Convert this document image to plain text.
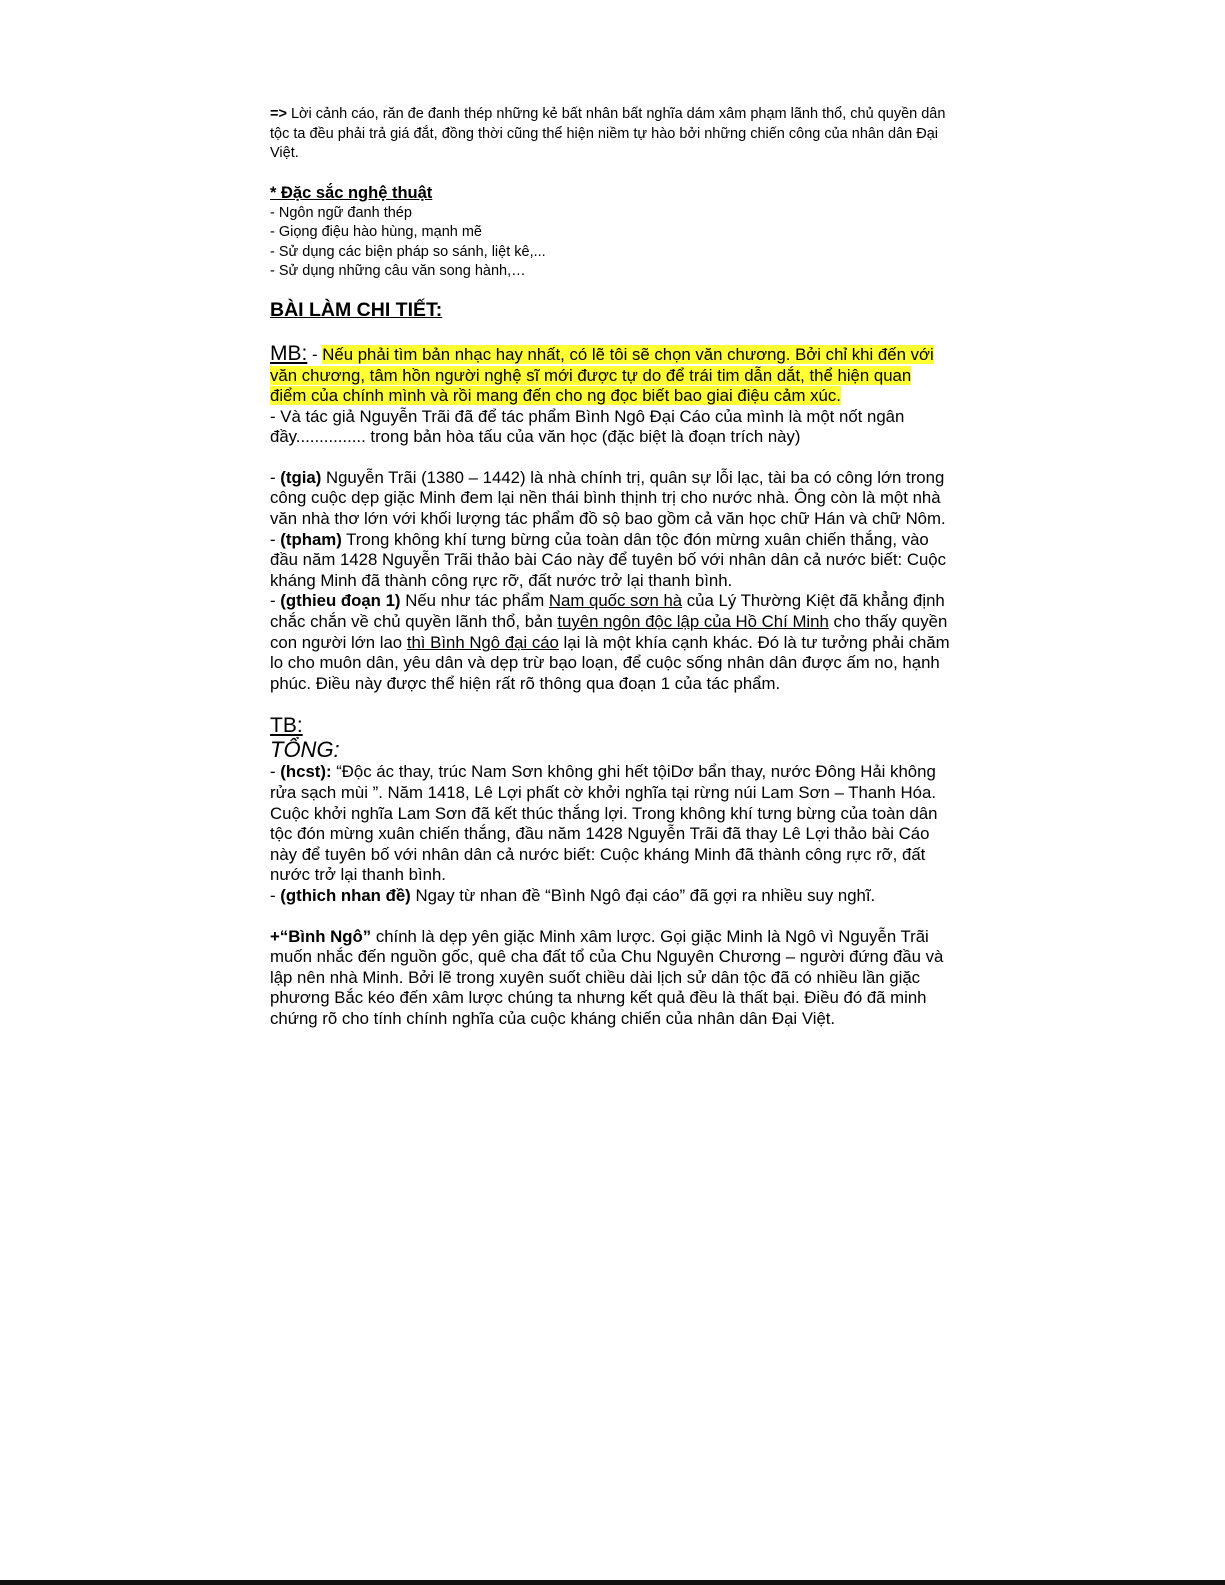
=> Lời cảnh cáo, răn đe đanh thép những kẻ bất nhân bất nghĩa dám xâm phạm lãnh thổ, chủ quyền dân tộc ta đều phải trả giá đắt, đồng thời cũng thể hiện niềm tự hào bởi những chiến công của nhân dân Đại Việt.

* Đặc sắc nghệ thuật

- Ngôn ngữ đanh thép

- Giọng điệu hào hùng, mạnh mẽ

- Sử dụng các biện pháp so sánh, liệt kê,...

- Sử dụng những câu văn song hành,…

BÀI LÀM CHI TIẾT:

MB: - Nếu phải tìm bản nhạc hay nhất, có lẽ tôi sẽ chọn văn chương. Bởi chỉ khi đến với văn chương, tâm hồn người nghệ sĩ mới được tự do để trái tim dẫn dắt, thể hiện quan điểm của chính mình và rồi mang đến cho ng đọc biết bao giai điệu cảm xúc.

- Và tác giả Nguyễn Trãi đã để tác phẩm Bình Ngô Đại Cáo của mình là một nốt ngân đầy............... trong bản hòa tấu của văn học (đặc biệt là đoạn trích này)

- (tgia) Nguyễn Trãi (1380 – 1442) là nhà chính trị, quân sự lỗi lạc, tài ba có công lớn trong công cuộc dẹp giặc Minh đem lại nền thái bình thịnh trị cho nước nhà. Ông còn là một nhà văn nhà thơ lớn với khối lượng tác phẩm đồ sộ bao gồm cả văn học chữ Hán và chữ Nôm.

- (tpham) Trong không khí tưng bừng của toàn dân tộc đón mừng xuân chiến thắng, vào đầu năm 1428 Nguyễn Trãi thảo bài Cáo này để tuyên bố với nhân dân cả nước biết: Cuộc kháng Minh đã thành công rực rỡ, đất nước trở lại thanh bình.

- (gthieu đoạn 1) Nếu như tác phẩm Nam quốc sơn hà của Lý Thường Kiệt đã khẳng định chắc chắn về chủ quyền lãnh thổ, bản tuyên ngôn độc lập của Hồ Chí Minh cho thấy quyền con người lớn lao thì Bình Ngô đại cáo lại là một khía cạnh khác. Đó là tư tưởng phải chăm lo cho muôn dân, yêu dân và dẹp trừ bạo loạn, để cuộc sống nhân dân được ấm no, hạnh phúc. Điều này được thể hiện rất rõ thông qua đoạn 1 của tác phẩm.

TB:

TỔNG:

- (hcst): “Độc ác thay, trúc Nam Sơn không ghi hết tộiDơ bẩn thay, nước Đông Hải không rửa sạch mùi ”. Năm 1418, Lê Lợi phất cờ khởi nghĩa tại rừng núi Lam Sơn – Thanh Hóa. Cuộc khởi nghĩa Lam Sơn đã kết thúc thắng lợi. Trong không khí tưng bừng của toàn dân tộc đón mừng xuân chiến thắng, đầu năm 1428 Nguyễn Trãi đã thay Lê Lợi thảo bài Cáo này để tuyên bố với nhân dân cả nước biết: Cuộc kháng Minh đã thành công rực rỡ, đất nước trở lại thanh bình.

- (gthich nhan đề) Ngay từ nhan đề “Bình Ngô đại cáo” đã gợi ra nhiều suy nghĩ.

+“Bình Ngô” chính là dẹp yên giặc Minh xâm lược. Gọi giặc Minh là Ngô vì Nguyễn Trãi muốn nhắc đến nguồn gốc, quê cha đất tổ của Chu Nguyên Chương – người đứng đầu và lập nên nhà Minh. Bởi lẽ trong xuyên suốt chiều dài lịch sử dân tộc đã có nhiều lần giặc phương Bắc kéo đến xâm lược chúng ta nhưng kết quả đều là thất bại. Điều đó đã minh chứng rõ cho tính chính nghĩa của cuộc kháng chiến của nhân dân Đại Việt.
